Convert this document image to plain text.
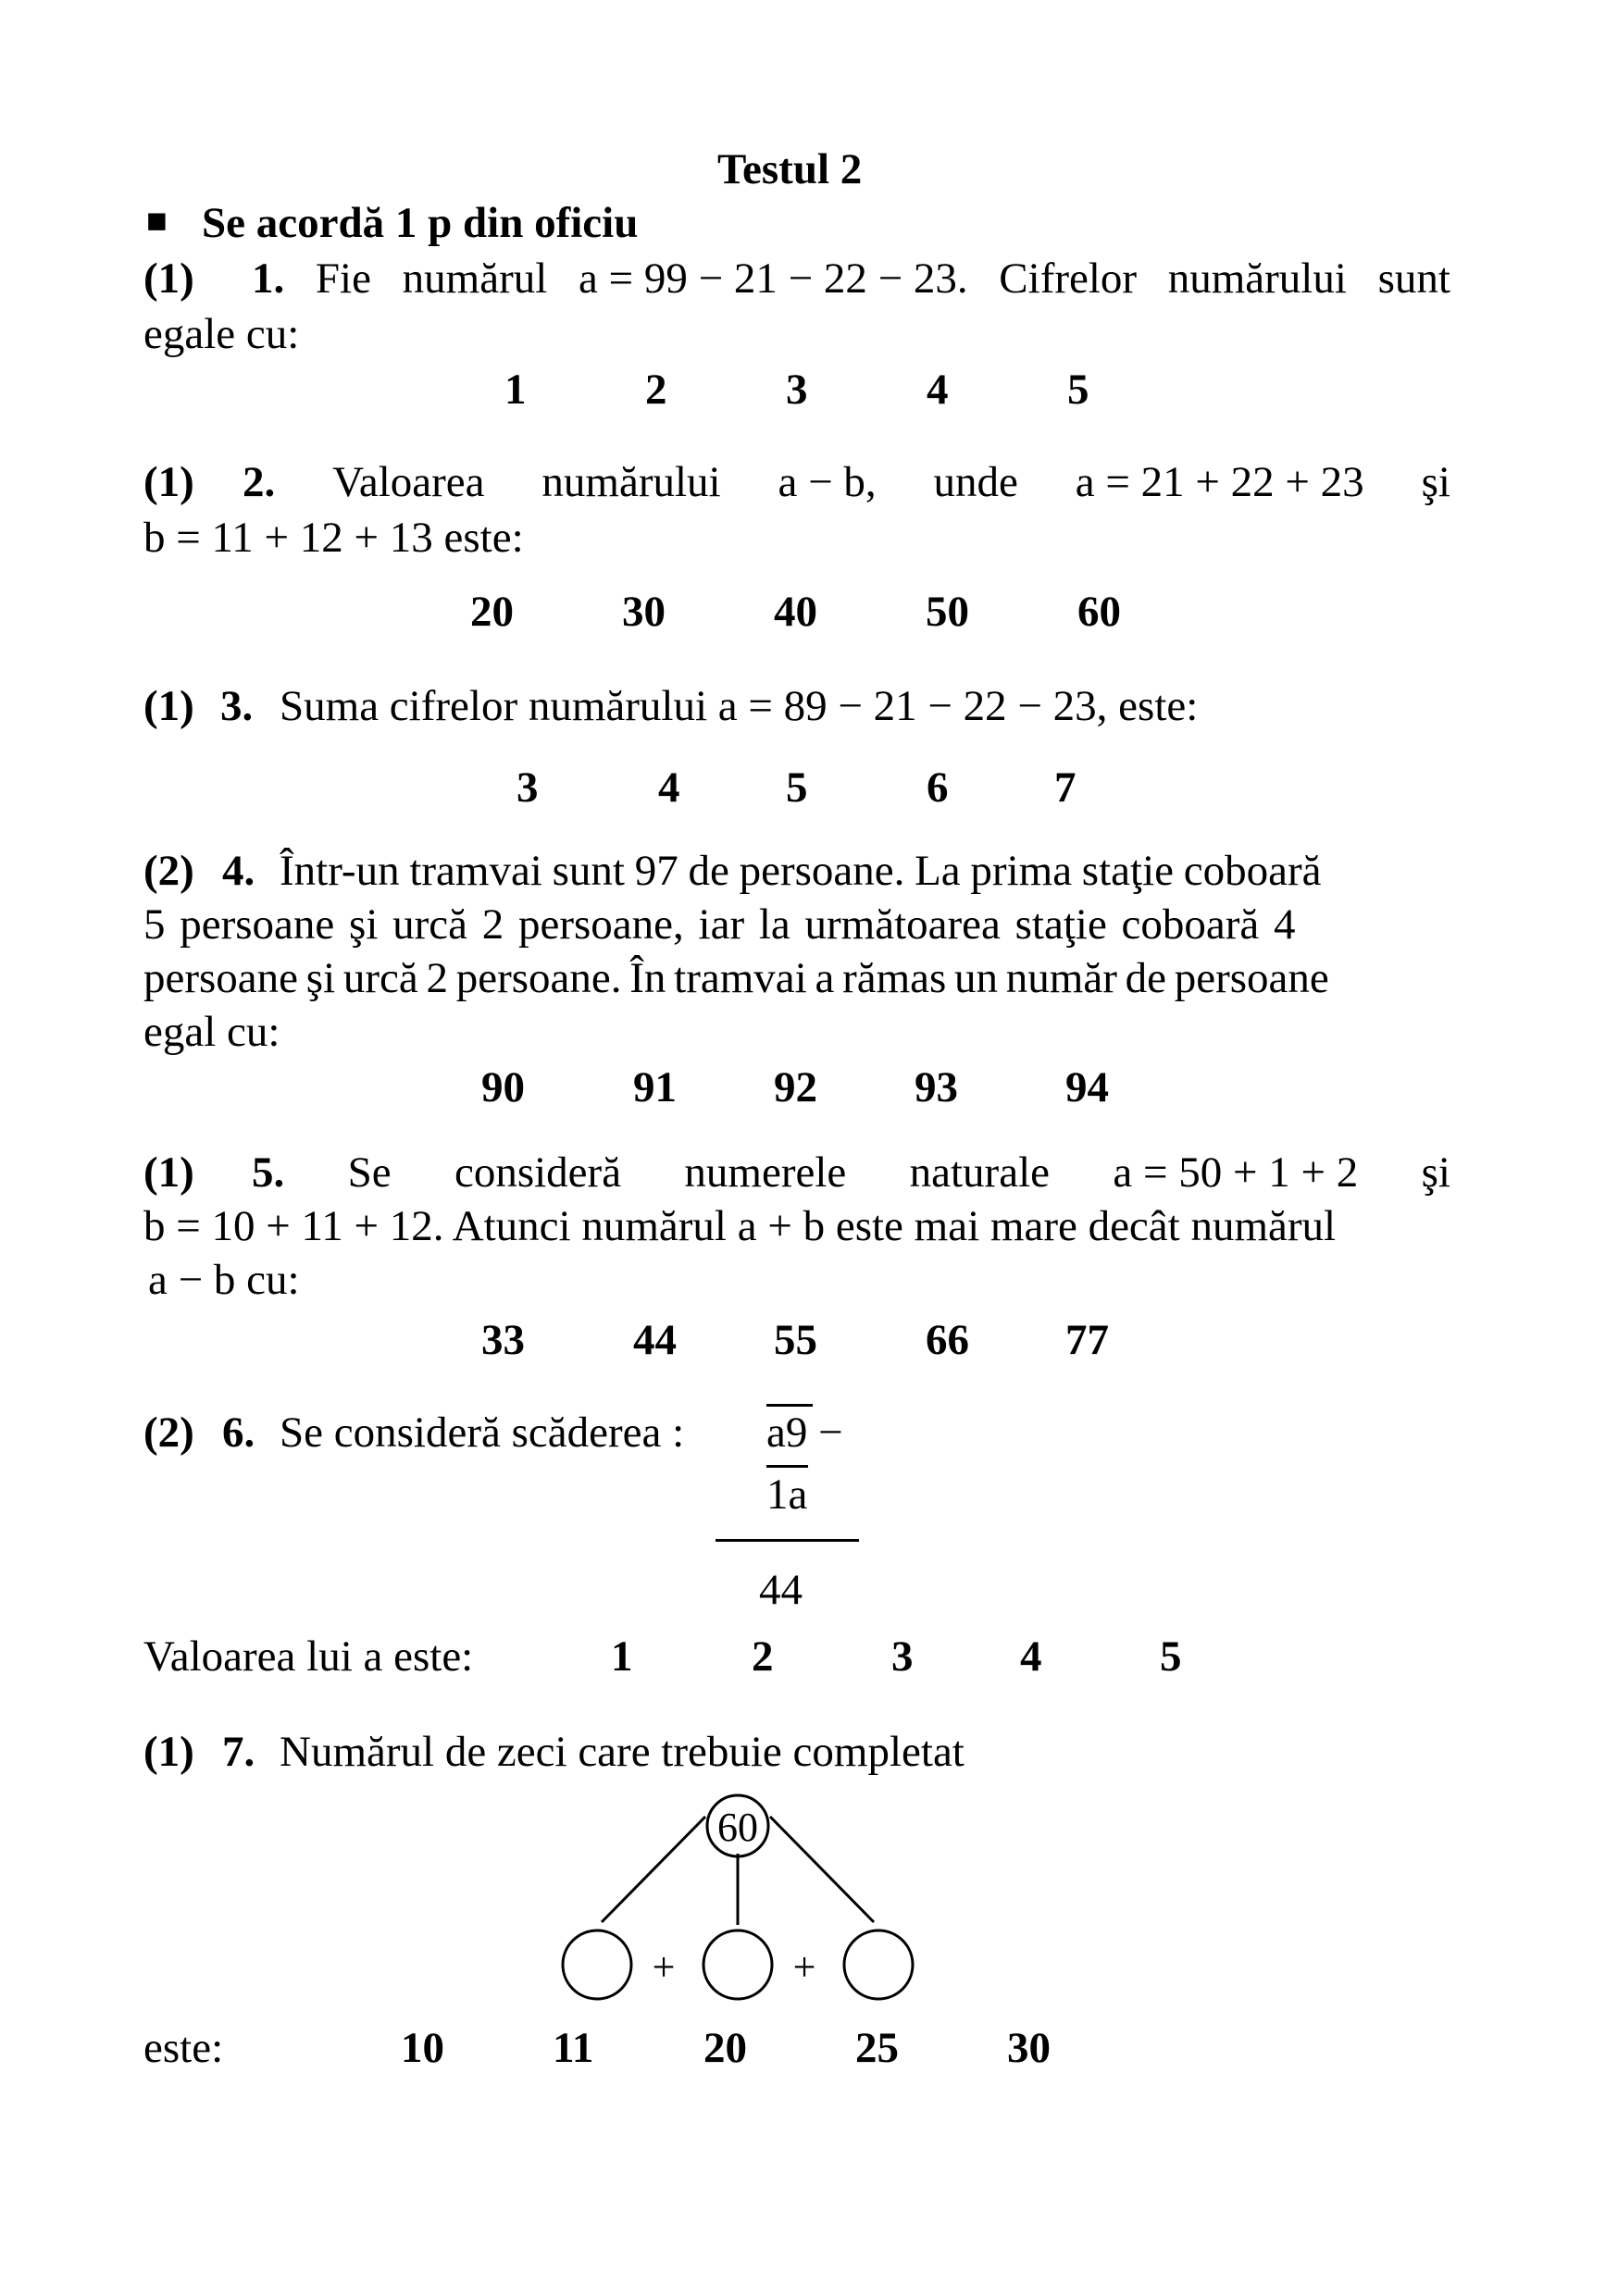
Testul 2
■ Se acordă 1 p din oficiu
(1) 1. Fie numărul a = 99 − 21 − 22 − 23. Cifrelor numărului sunt
egale cu:
1	2	3	4	5
(1) 2. Valoarea numărului a − b, unde a = 21 + 22 + 23 şi
b = 11 + 12 + 13 este:
20 30 40 50 60
(1) 3. Suma cifrelor numărului a = 89 − 21 − 22 − 23, este:
3	4 5	6 7
(2) 4. Într-un tramvai sunt 97 de persoane. La prima staţie coboară
5 persoane şi urcă 2 persoane, iar la următoarea staţie coboară 4
persoane şi urcă 2 persoane. În tramvai a rămas un număr de persoane
egal cu:
90 91 92 93 94
(1) 5. Se consideră numerele naturale a = 50 + 1 + 2 şi
b = 10 + 11 + 12. Atunci numărul a + b este mai mare decât numărul
a − b cu:
33 44 55 66 77
(2) 6. Se consideră scăderea : a9 −
1a
44
Valoarea lui a este:	1	2	3 4	5
(1) 7. Numărul de zeci care trebuie completat
60
+	+
este:	10 11	20 25 30
